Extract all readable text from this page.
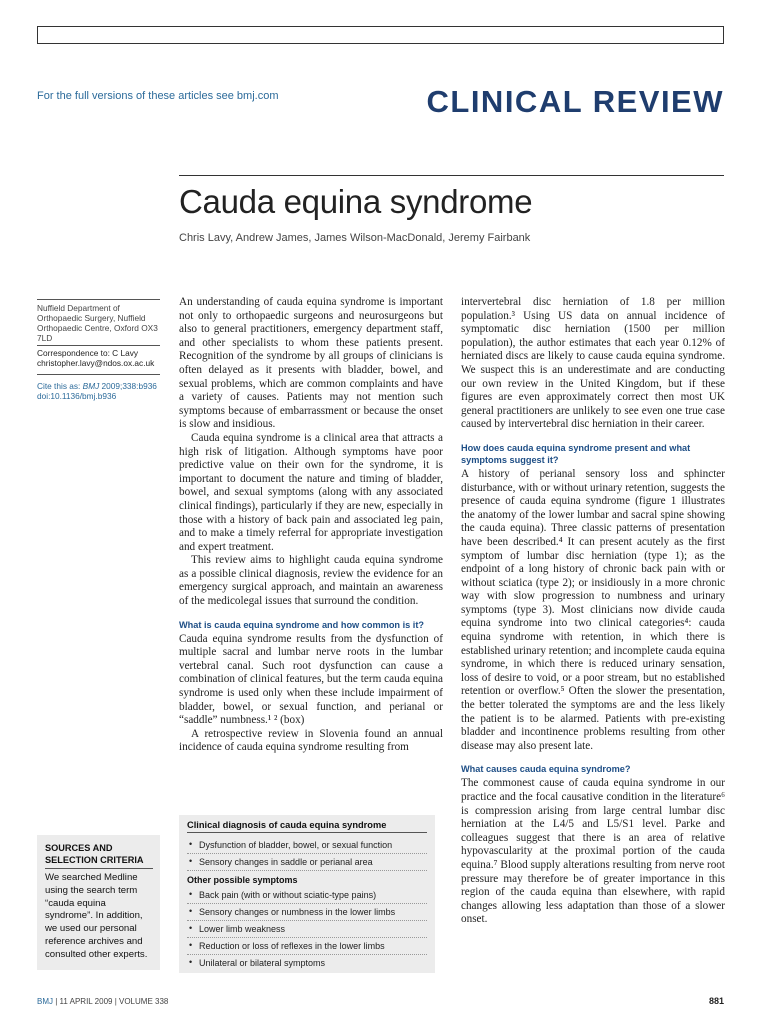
For the full versions of these articles see bmj.com	CLINICAL REVIEW
Cauda equina syndrome
Chris Lavy, Andrew James, James Wilson-MacDonald, Jeremy Fairbank
Nuffield Department of Orthopaedic Surgery, Nuffield Orthopaedic Centre, Oxford OX3 7LD
Correspondence to: C Lavy
christopher.lavy@ndos.ox.ac.uk
Cite this as: BMJ 2009;338:b936
doi:10.1136/bmj.b936

An understanding of cauda equina syndrome is important not only to orthopaedic surgeons and neurosurgeons but also to general practitioners, emergency department staff, and other specialists to whom these patients present. Recognition of the syndrome by all groups of clinicians is often delayed as it presents with bladder, bowel, and sexual problems, which are common complaints and have a variety of causes. Patients may not mention such symptoms because of embarrassment or because the onset is slow and insidious.

Cauda equina syndrome is a clinical area that attracts a high risk of litigation. Although symptoms have poor predictive value on their own for the syndrome, it is important to document the nature and timing of bladder, bowel, and sexual symptoms (along with any associated clinical findings), particularly if they are new, especially in those with a history of back pain and associated leg pain, and to make a timely referral for appropriate investigation and expert treatment.

This review aims to highlight cauda equina syndrome as a possible clinical diagnosis, review the evidence for an emergency surgical approach, and maintain an awareness of the medicolegal issues that surround the condition.

What is cauda equina syndrome and how common is it?

Cauda equina syndrome results from the dysfunction of multiple sacral and lumbar nerve roots in the lumbar vertebral canal. Such root dysfunction can cause a combination of clinical features, but the term cauda equina syndrome is used only when these include impairment of bladder, bowel, or sexual function, and perianal or “saddle” numbness.¹ ² (box)

A retrospective review in Slovenia found an annual incidence of cauda equina syndrome resulting from

intervertebral disc herniation of 1.8 per million population.³ Using US data on annual incidence of symptomatic disc herniation (1500 per million population), the author estimates that each year 0.12% of herniated discs are likely to cause cauda equina syndrome. We suspect this is an underestimate and are conducting our own review in the United Kingdom, but if these figures are even approximately correct then most UK general practitioners are unlikely to see even one true case caused by intervertebral disc herniation in their career.

How does cauda equina syndrome present and what symptoms suggest it?

A history of perianal sensory loss and sphincter disturbance, with or without urinary retention, suggests the presence of cauda equina syndrome (figure 1 illustrates the anatomy of the lower lumbar and sacral spine showing the cauda equina). Three classic patterns of presentation have been described.⁴ It can present acutely as the first symptom of lumbar disc herniation (type 1); as the endpoint of a long history of chronic back pain with or without sciatica (type 2); or insidiously in a more chronic way with slow progression to numbness and urinary symptoms (type 3). Most clinicians now divide cauda equina syndrome into two clinical categories⁴: cauda equina syndrome with retention, in which there is established urinary retention; and incomplete cauda equina syndrome, in which there is reduced urinary sensation, loss of desire to void, or a poor stream, but no established retention or overflow.⁵ Often the slower the presentation, the better tolerated the symptoms are and the less likely the patient is to be alarmed. Patients with pre-existing bladder and incontinence problems resulting from other disease may also present late.

What causes cauda equina syndrome?

The commonest cause of cauda equina syndrome in our practice and the focal causative condition in the literature⁶ is compression arising from large central lumbar disc herniation at the L4/5 and L5/S1 level. Parke and colleagues suggest that there is an area of relative hypovascularity at the proximal portion of the cauda equina.⁷ Blood supply alterations resulting from nerve root pressure may therefore be of greater importance in this region of the cauda equina than elsewhere, with rapid changes allowing less adaptation than those of a slower onset.

SOURCES AND SELECTION CRITERIA
We searched Medline using the search term “cauda equina syndrome”. In addition, we used our personal reference archives and consulted other experts.
Clinical diagnosis of cauda equina syndrome
• Dysfunction of bladder, bowel, or sexual function
• Sensory changes in saddle or perianal area
Other possible symptoms
• Back pain (with or without sciatic-type pains)
• Sensory changes or numbness in the lower limbs
• Lower limb weakness
• Reduction or loss of reflexes in the lower limbs
• Unilateral or bilateral symptoms
BMJ | 11 APRIL 2009 | VOLUME 338	881
